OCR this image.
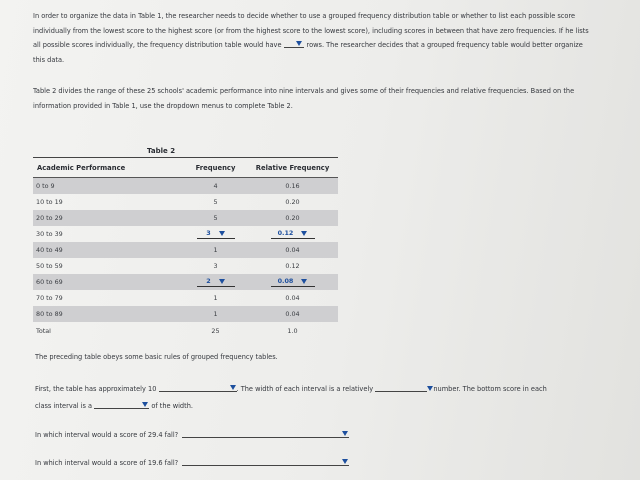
In order to organize the data in Table 1, the researcher needs to decide whether to use a grouped frequency distribution table or whether to list each possible score individually from the lowest score to the highest score (or from the highest score to the lowest score), including scores in between that have zero frequencies. If he lists all possible scores individually, the frequency distribution table would have	rows. The researcher decides that a grouped frequency table would better organize this data.

Table 2 divides the range of these 25 schools' academic performance into nine intervals and gives some of their frequencies and relative frequencies. Based on the information provided in Table 1, use the dropdown menus to complete Table 2.

Table 2
Academic Performance	Frequency	Relative Frequency
0 to 9	4	0.16
10 to 19	5	0.20
20 to 29	5	0.20
30 to 39	3	0.12
40 to 49	1	0.04
50 to 59	3	0.12
60 to 69	2	0.08
70 to 79	1	0.04
80 to 89	1	0.04
Total	25	1.0
The preceding table obeys some basic rules of grouped frequency tables.
First, the table has approximately 10	. The width of each interval is a relatively	number. The bottom score in each
class interval is a	of the width.
In which interval would a score of 29.4 fall?
In which interval would a score of 19.6 fall?
